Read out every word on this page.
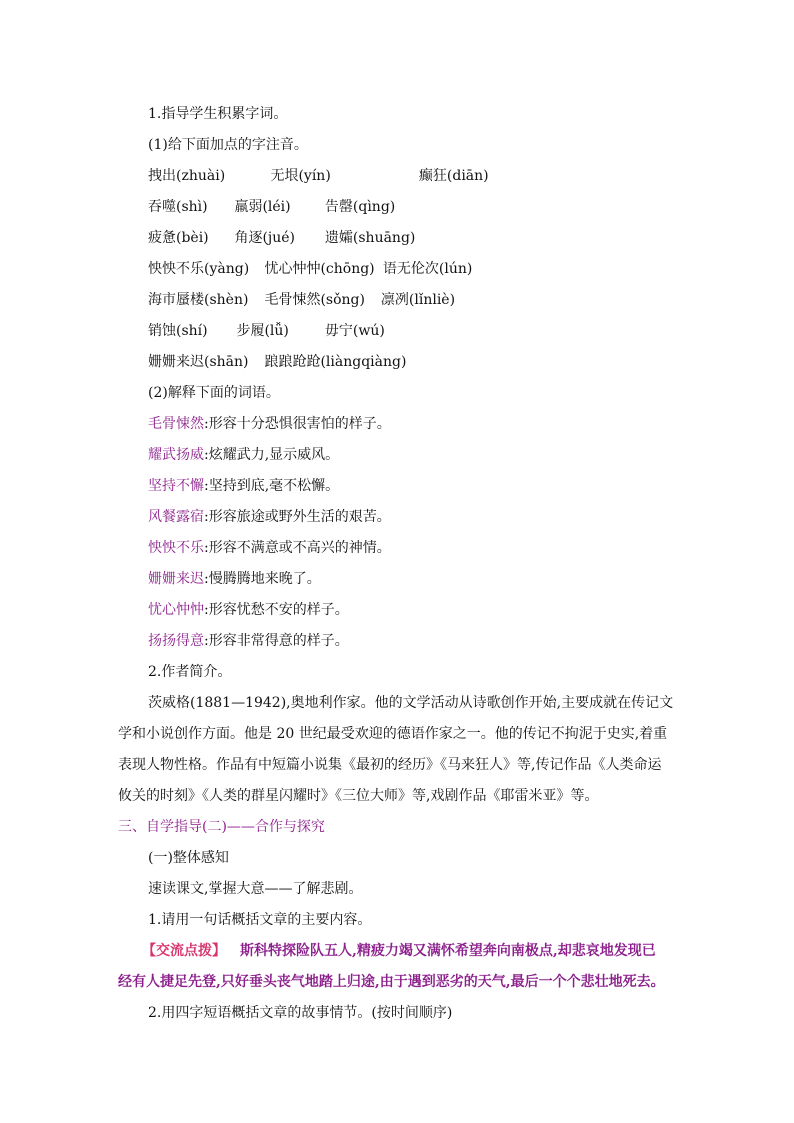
1.指导学生积累字词。
(1)给下面加点的字注音。
拽出(zhuài)	无垠(yín)	癫狂(diān)
吞噬(shì) 羸弱(léi) 告罄(qìng)
疲惫(bèi) 角逐(jué) 遗孀(shuāng)
怏怏不乐(yàng) 忧心忡忡(chōng) 语无伦次(lún)
海市蜃楼(shèn) 毛骨悚然(sǒng) 凛冽(lǐnliè)
销蚀(shí) 步履(lǚ)	毋宁(wú)
姗姗来迟(shān) 踉踉跄跄(liàngqiàng)
(2)解释下面的词语。
毛骨悚然:形容十分恐惧很害怕的样子。
耀武扬威:炫耀武力,显示威风。
坚持不懈:坚持到底,毫不松懈。
风餐露宿:形容旅途或野外生活的艰苦。
怏怏不乐:形容不满意或不高兴的神情。
姗姗来迟:慢腾腾地来晚了。
忧心忡忡:形容忧愁不安的样子。
扬扬得意:形容非常得意的样子。
2.作者简介。
茨威格(1881—1942),奥地利作家。他的文学活动从诗歌创作开始,主要成就在传记文
学和小说创作方面。他是 20 世纪最受欢迎的德语作家之一。他的传记不拘泥于史实,着重
表现人物性格。作品有中短篇小说集《最初的经历》《马来狂人》等,传记作品《人类命运
攸关的时刻》《人类的群星闪耀时》《三位大师》等,戏剧作品《耶雷米亚》等。
三、自学指导(二)——合作与探究
(一)整体感知
速读课文,掌握大意——了解悲剧。
1.请用一句话概括文章的主要内容。
【交流点拨】 斯科特探险队五人,精疲力竭又满怀希望奔向南极点,却悲哀地发现已
经有人捷足先登,只好垂头丧气地踏上归途,由于遇到恶劣的天气,最后一个个悲壮地死去。
2.用四字短语概括文章的故事情节。(按时间顺序)
